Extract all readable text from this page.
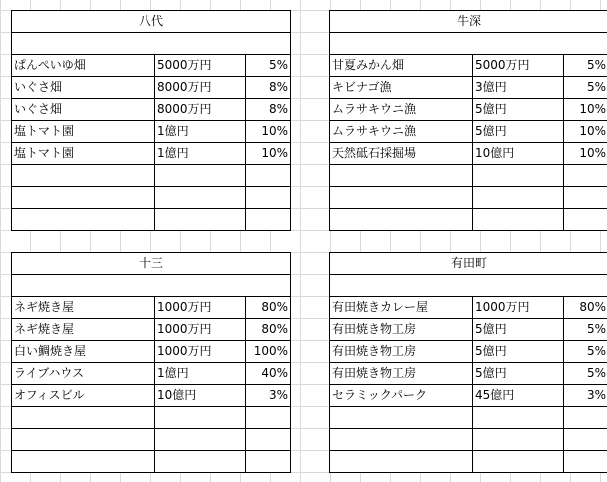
八代		

ぱんぺいゆ畑	5000万円	5%
いぐさ畑	8000万円	8%
いぐさ畑	8000万円	8%
塩トマト園	1億円	10%
塩トマト園	1億円	10%

牛深		

甘夏みかん畑	5000万円	5%
キビナゴ漁	3億円	5%
ムラサキウニ漁	5億円	10%
ムラサキウニ漁	5億円	10%
天然砥石採掘場	10億円	10%

十三		

ネギ焼き屋	1000万円	80%
ネギ焼き屋	1000万円	80%
白い鯛焼き屋	1000万円	100%
ライブハウス	1億円	40%
オフィスビル	10億円	3%

有田町		

有田焼きカレー屋	1000万円	80%
有田焼き物工房	5億円	5%
有田焼き物工房	5億円	5%
有田焼き物工房	5億円	5%
セラミックパーク	45億円	3%
